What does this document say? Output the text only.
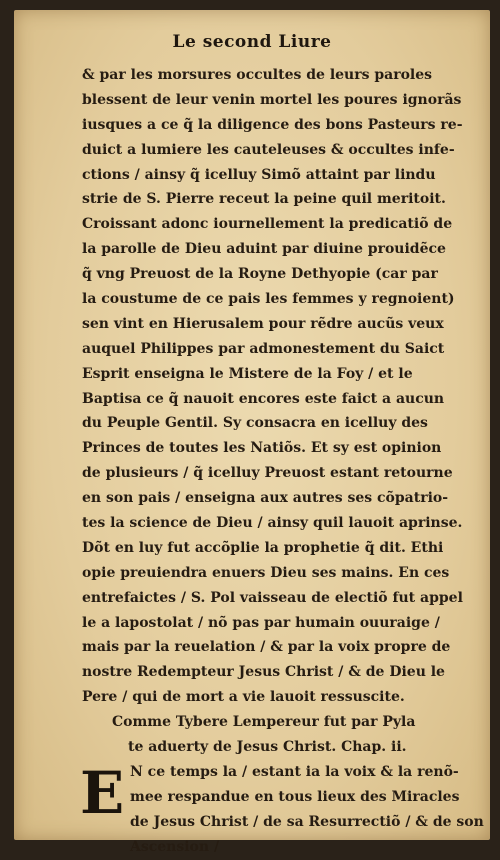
Le second Liure
& par les morsures occultes de leurs paroles
blessent de leur venin mortel les poures ignorãs
iusques a ce q̃ la diligence des bons Pasteurs re-
duict a lumiere les cauteleuses & occultes infe-
ctions / ainsy q̃ icelluy Simõ attaint par lindu
strie de S. Pierre receut la peine quil meritoit.
Croissant adonc iournellement la predicatiõ de
la parolle de Dieu aduint par diuine prouidẽce
q̃ vng Preuost de la Royne Dethyopie (car par
la coustume de ce pais les femmes y regnoient)
sen vint en Hierusalem pour rẽdre aucũs veux
auquel Philippes par admonestement du Saict
Esprit enseigna le Mistere de la Foy / et le
Baptisa ce q̃ nauoit encores este faict a aucun
du Peuple Gentil. Sy consacra en icelluy des
Princes de toutes les Natiõs. Et sy est opinion
de plusieurs / q̃ icelluy Preuost estant retourne
en son pais / enseigna aux autres ses cõpatrio-
tes la science de Dieu / ainsy quil lauoit aprinse.
Dõt en luy fut accõplie la prophetie q̃ dit. Ethi
opie preuiendra enuers Dieu ses mains. En ces
entrefaictes / S. Pol vaisseau de electiõ fut appel
le a lapostolat / nõ pas par humain ouuraige /
mais par la reuelation / & par la voix propre de
nostre Redempteur Jesus Christ / & de Dieu le
Pere / qui de mort a vie lauoit ressuscite.
Comme Tybere Lempereur fut par Pyla
te aduerty de Jesus Christ. Chap. ii.
E N ce temps la / estant ia la voix & la renõ-
mee respandue en tous lieux des Miracles
de Jesus Christ / de sa Resurrectiõ / & de son
Ascension /
